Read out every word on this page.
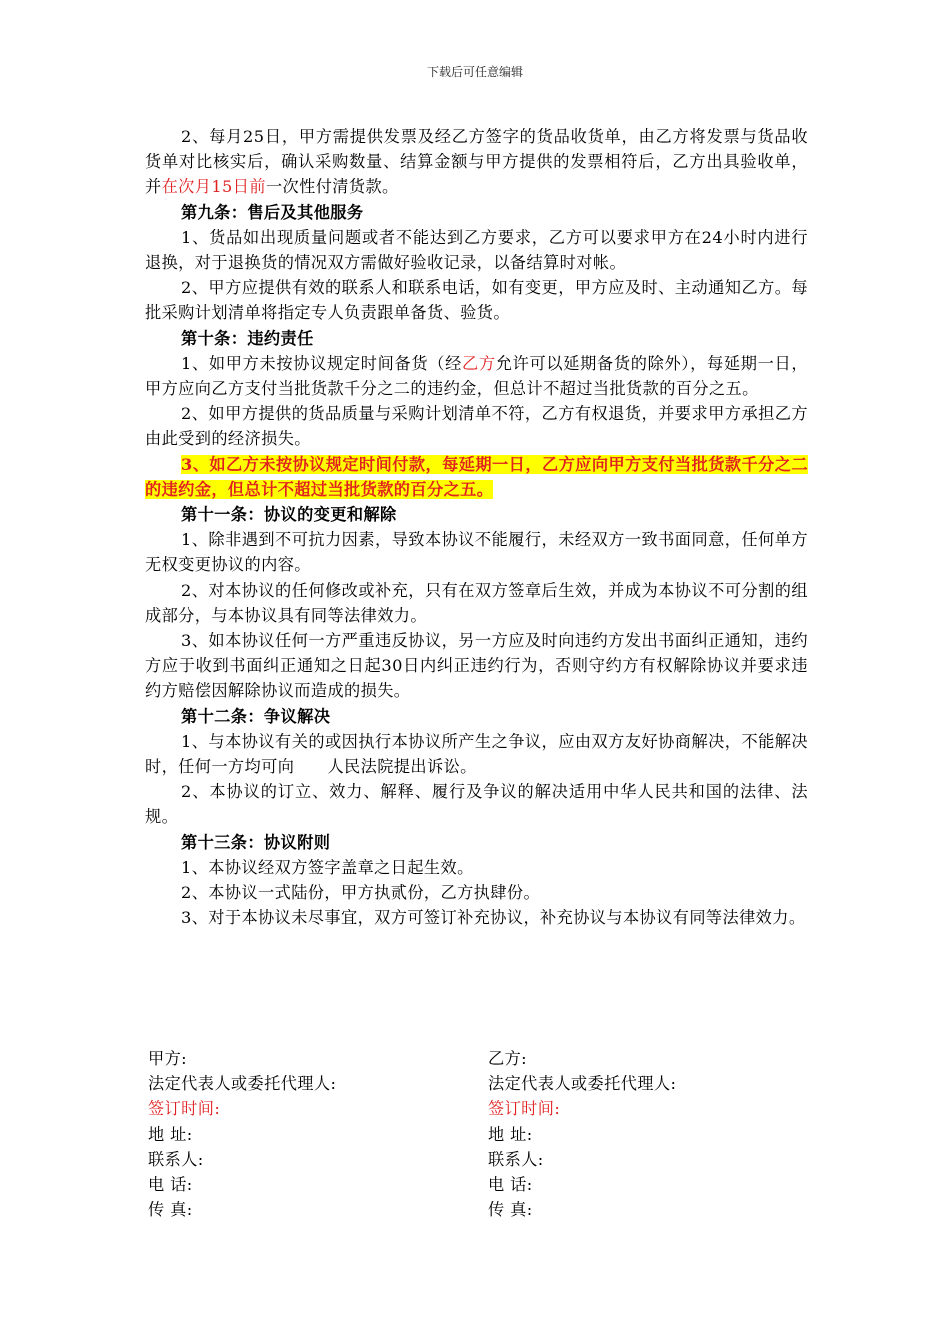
下载后可任意编辑

2、每月25日，甲方需提供发票及经乙方签字的货品收货单，由乙方将发票与货品收货单对比核实后，确认采购数量、结算金额与甲方提供的发票相符后，乙方出具验收单，并在次月15日前一次性付清货款。

第九条：售后及其他服务

1、货品如出现质量问题或者不能达到乙方要求，乙方可以要求甲方在24小时内进行退换，对于退换货的情况双方需做好验收记录，以备结算时对帐。

2、甲方应提供有效的联系人和联系电话，如有变更，甲方应及时、主动通知乙方。每批采购计划清单将指定专人负责跟单备货、验货。

第十条：违约责任

1、如甲方未按协议规定时间备货（经乙方允许可以延期备货的除外），每延期一日，甲方应向乙方支付当批货款千分之二的违约金，但总计不超过当批货款的百分之五。

2、如甲方提供的货品质量与采购计划清单不符，乙方有权退货，并要求甲方承担乙方由此受到的经济损失。

3、如乙方未按协议规定时间付款，每延期一日，乙方应向甲方支付当批货款千分之二的违约金，但总计不超过当批货款的百分之五。

第十一条：协议的变更和解除

1、除非遇到不可抗力因素，导致本协议不能履行，未经双方一致书面同意，任何单方无权变更协议的内容。

2、对本协议的任何修改或补充，只有在双方签章后生效，并成为本协议不可分割的组成部分，与本协议具有同等法律效力。

3、如本协议任何一方严重违反协议，另一方应及时向违约方发出书面纠正通知，违约方应于收到书面纠正通知之日起30日内纠正违约行为，否则守约方有权解除协议并要求违约方赔偿因解除协议而造成的损失。

第十二条：争议解决

1、与本协议有关的或因执行本协议所产生之争议，应由双方友好协商解决，不能解决时，任何一方均可向　　人民法院提出诉讼。

2、本协议的订立、效力、解释、履行及争议的解决适用中华人民共和国的法律、法规。

第十三条：协议附则

1、本协议经双方签字盖章之日起生效。

2、本协议一式陆份，甲方执贰份，乙方执肆份。

3、对于本协议未尽事宜，双方可签订补充协议，补充协议与本协议有同等法律效力。

甲方:
法定代表人或委托代理人:
签订时间:
地 址:
联系人:
电 话:
传 真:
乙方:
法定代表人或委托代理人:
签订时间:
地 址:
联系人:
电 话:
传 真:
